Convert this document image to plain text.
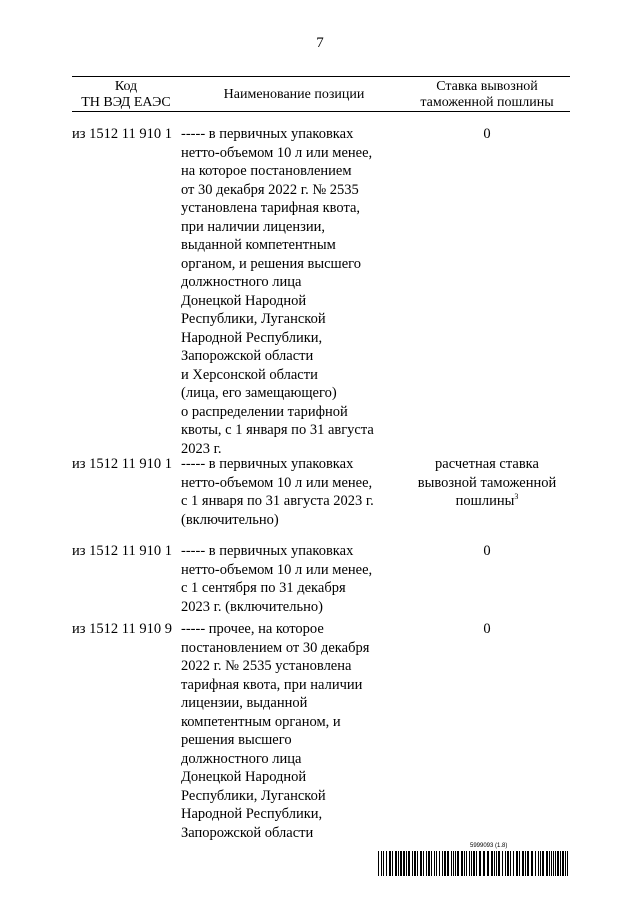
7
Код
ТН ВЭД ЕАЭС
Наименование позиции
Ставка вывозной
таможенной пошлины
из 1512 11 910 1 ----- в первичных упаковках
нетто-объемом 10 л или менее,
на которое постановлением
от 30 декабря 2022 г. № 2535
установлена тарифная квота,
при наличии лицензии,
выданной компетентным
органом, и решения высшего
должностного лица
Донецкой Народной
Республики, Луганской
Народной Республики,
Запорожской области
и Херсонской области
(лица, его замещающего)
о распределении тарифной
квоты, с 1 января по 31 августа
2023 г.
0
из 1512 11 910 1 ----- в первичных упаковках
нетто-объемом 10 л или менее,
с 1 января по 31 августа 2023 г.
(включительно)
расчетная ставка
вывозной таможенной
пошлины$^3$
из 1512 11 910 1 ----- в первичных упаковках
нетто-объемом 10 л или менее,
с 1 сентября по 31 декабря
2023 г. (включительно)
0
из 1512 11 910 9 ----- прочее, на которое
постановлением от 30 декабря
2022 г. № 2535 установлена
тарифная квота, при наличии
лицензии, выданной
компетентным органом, и
решения высшего
должностного лица
Донецкой Народной
Республики, Луганской
Народной Республики,
Запорожской области
0
5999093 (1.8)
